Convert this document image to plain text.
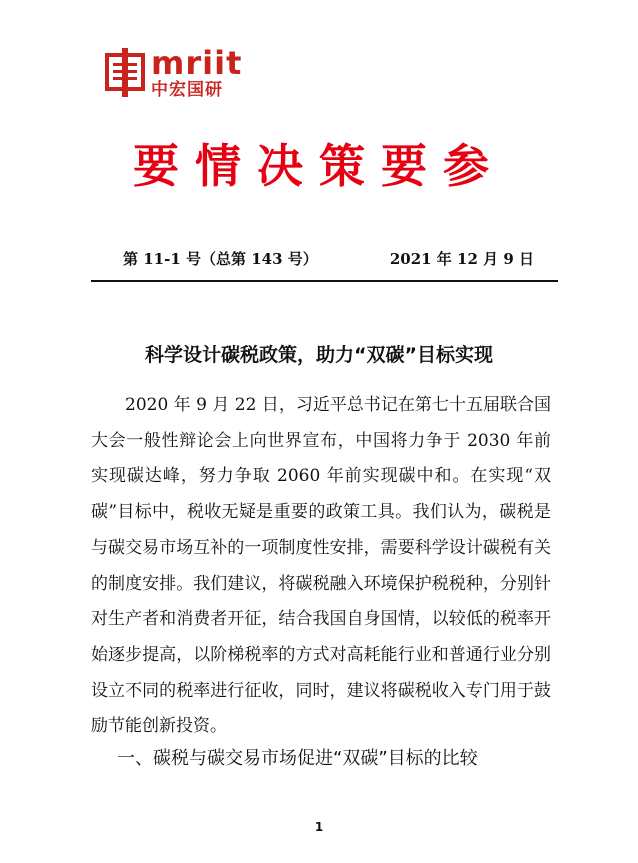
mriit
中宏国研
要情决策要参
第 11-1 号（总第 143 号）	2021 年 12 月 9 日
科学设计碳税政策，助力“双碳”目标实现

2020 年 9 月 22 日，习近平总书记在第七十五届联合国大会一般性辩论会上向世界宣布，中国将力争于 2030 年前实现碳达峰，努力争取 2060 年前实现碳中和。在实现“双碳”目标中，税收无疑是重要的政策工具。我们认为，碳税是与碳交易市场互补的一项制度性安排，需要科学设计碳税有关的制度安排。我们建议，将碳税融入环境保护税税种，分别针对生产者和消费者开征，结合我国自身国情，以较低的税率开始逐步提高，以阶梯税率的方式对高耗能行业和普通行业分别设立不同的税率进行征收，同时，建议将碳税收入专门用于鼓励节能创新投资。

一、碳税与碳交易市场促进“双碳”目标的比较
1
